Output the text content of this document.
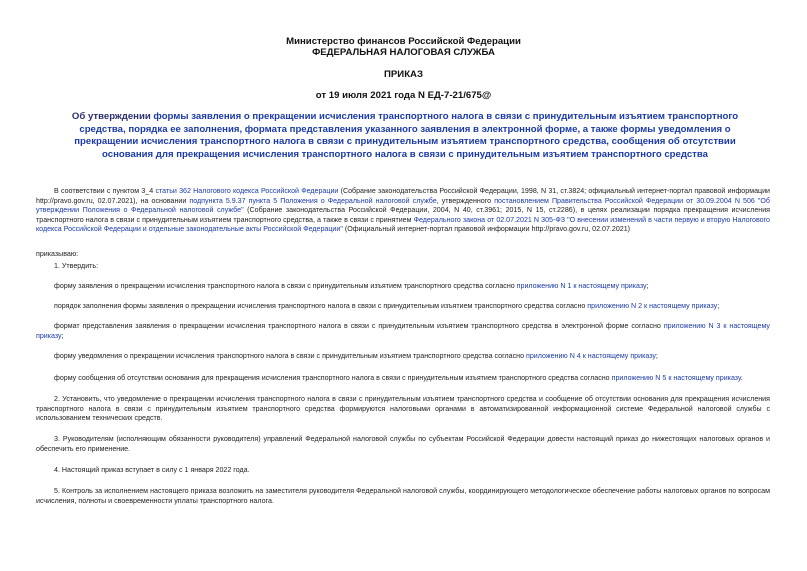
Министерство финансов Российской Федерации
ФЕДЕРАЛЬНАЯ НАЛОГОВАЯ СЛУЖБА
ПРИКАЗ
от 19 июля 2021 года N ЕД-7-21/675@
Об утверждении формы заявления о прекращении исчисления транспортного налога в связи с принудительным изъятием транспортного средства, порядка ее заполнения, формата представления указанного заявления в электронной форме, а также формы уведомления о прекращении исчисления транспортного налога в связи с принудительным изъятием транспортного средства, сообщения об отсутствии основания для прекращения исчисления транспортного налога в связи с принудительным изъятием транспортного средства
В соответствии с пунктом 3_4 статьи 362 Налогового кодекса Российской Федерации (Собрание законодательства Российской Федерации, 1998, N 31, ст.3824; официальный интернет-портал правовой информации http://pravo.gov.ru, 02.07.2021), на основании подпункта 5.9.37 пункта 5 Положения о Федеральной налоговой службе, утвержденного постановлением Правительства Российской Федерации от 30.09.2004 N 506 "Об утверждении Положения о Федеральной налоговой службе" (Собрание законодательства Российской Федерации, 2004, N 40, ст.3961; 2015, N 15, ст.2286), в целях реализации порядка прекращения исчисления транспортного налога в связи с принудительным изъятием транспортного средства, а также в связи с принятием Федерального закона от 02.07.2021 N 305-ФЗ "О внесении изменений в части первую и вторую Налогового кодекса Российской Федерации и отдельные законодательные акты Российской Федерации" (Официальный интернет-портал правовой информации http://pravo.gov.ru, 02.07.2021)
приказываю:
1. Утвердить:
форму заявления о прекращении исчисления транспортного налога в связи с принудительным изъятием транспортного средства согласно приложению N 1 к настоящему приказу;
порядок заполнения формы заявления о прекращении исчисления транспортного налога в связи с принудительным изъятием транспортного средства согласно приложению N 2 к настоящему приказу;
формат представления заявления о прекращении исчисления транспортного налога в связи с принудительным изъятием транспортного средства в электронной форме согласно приложению N 3 к настоящему приказу;
форму уведомления о прекращении исчисления транспортного налога в связи с принудительным изъятием транспортного средства согласно приложению N 4 к настоящему приказу;
форму сообщения об отсутствии основания для прекращения исчисления транспортного налога в связи с принудительным изъятием транспортного средства согласно приложению N 5 к настоящему приказу.
2. Установить, что уведомление о прекращении исчисления транспортного налога в связи с принудительным изъятием транспортного средства и сообщение об отсутствии основания для прекращения исчисления транспортного налога в связи с принудительным изъятием транспортного средства формируются налоговыми органами в автоматизированной информационной системе Федеральной налоговой службы с использованием технических средств.
3. Руководителям (исполняющим обязанности руководителя) управлений Федеральной налоговой службы по субъектам Российской Федерации довести настоящий приказ до нижестоящих налоговых органов и обеспечить его применение.
4. Настоящий приказ вступает в силу с 1 января 2022 года.
5. Контроль за исполнением настоящего приказа возложить на заместителя руководителя Федеральной налоговой службы, координирующего методологическое обеспечение работы налоговых органов по вопросам исчисления, полноты и своевременности уплаты транспортного налога.
